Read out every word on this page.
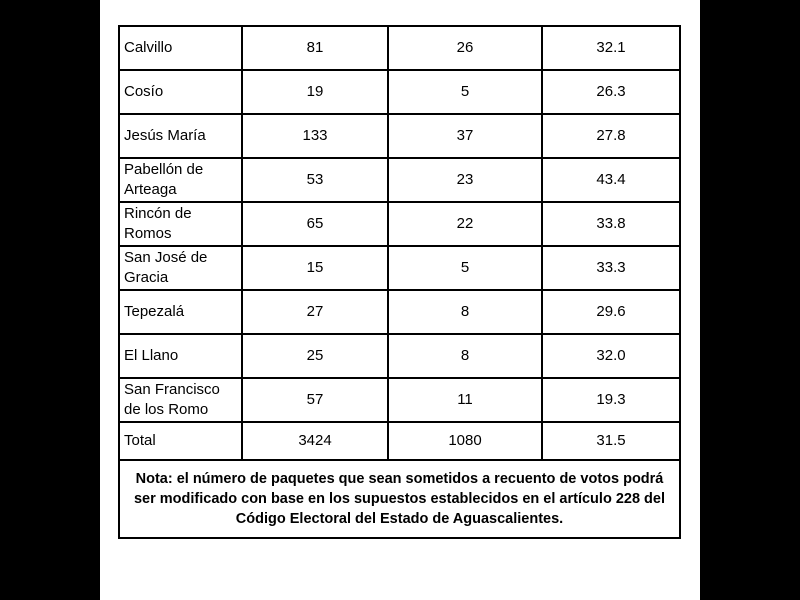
Calvillo	81	26	32.1
Cosío	19	5	26.3
Jesús María	133	37	27.8
Pabellón de Arteaga	53	23	43.4
Rincón de Romos	65	22	33.8
San José de Gracia	15	5	33.3
Tepezalá	27	8	29.6
El Llano	25	8	32.0
San Francisco de los Romo	57	11	19.3
Total	3424	1080	31.5
Nota: el número de paquetes que sean sometidos a recuento de votos podrá ser modificado con base en los supuestos establecidos en el artículo 228 del Código Electoral del Estado de Aguascalientes.			
